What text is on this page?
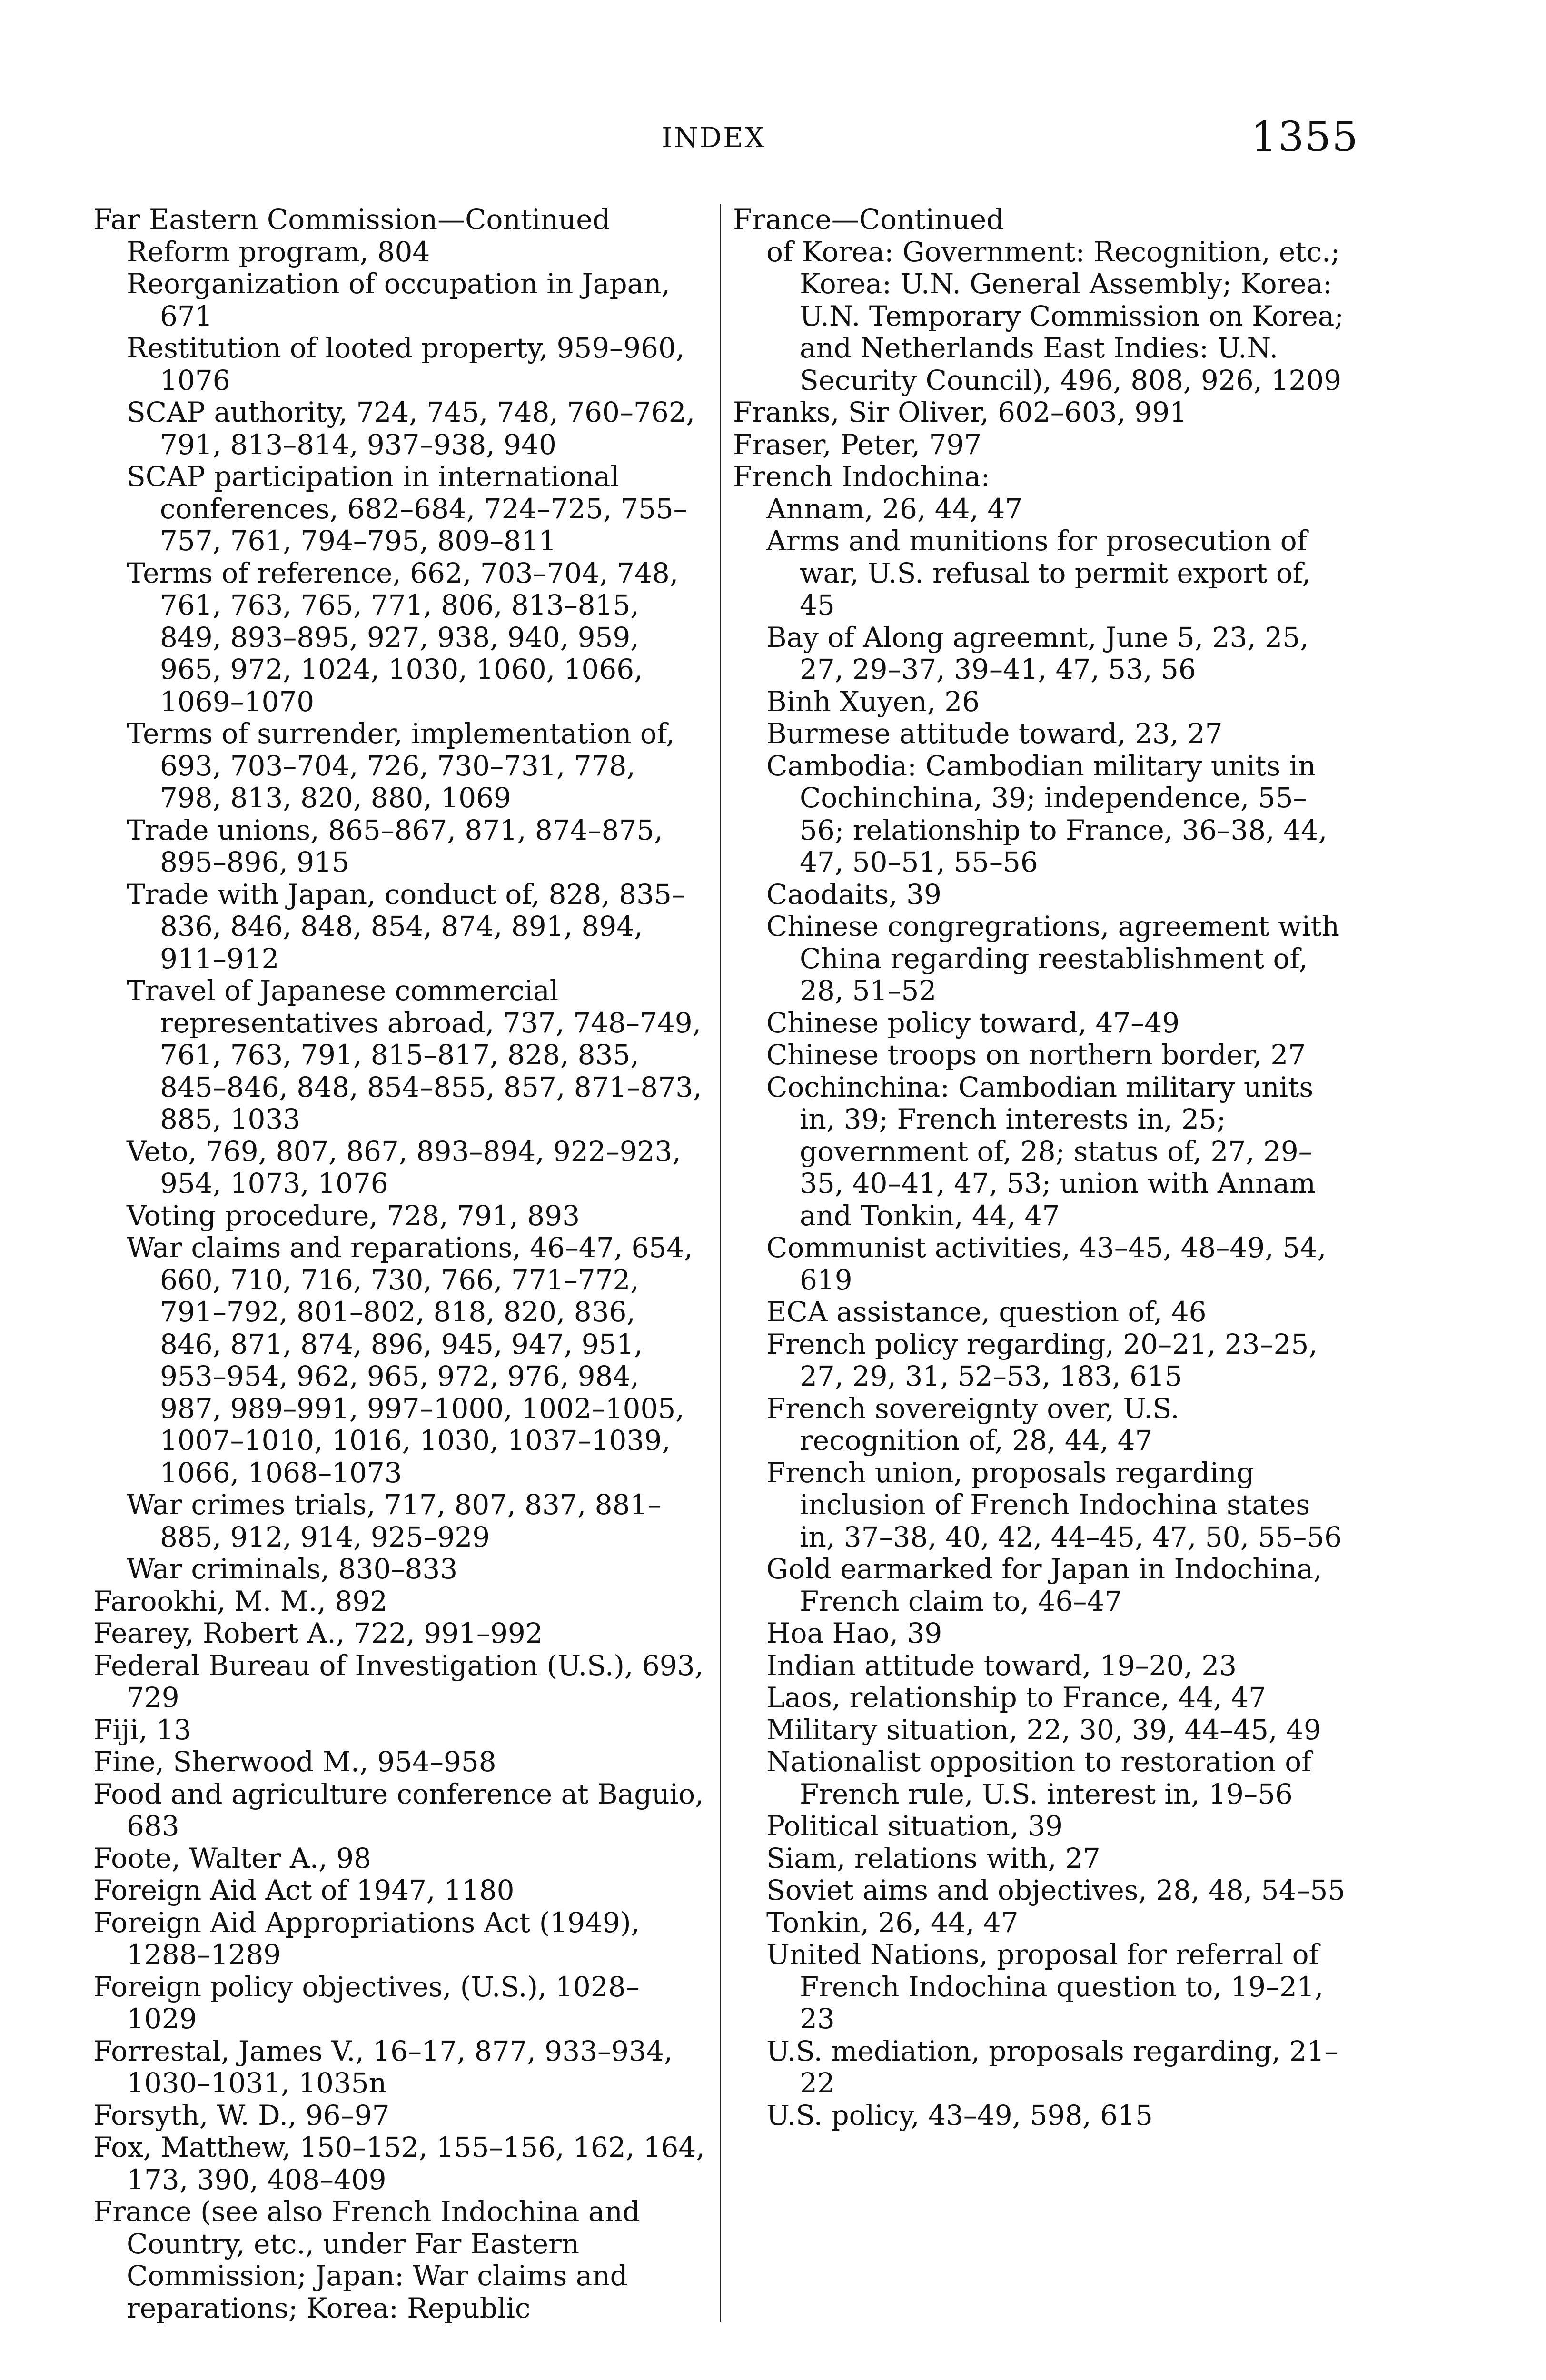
INDEX	1355

Far Eastern Commission—Continued

Reform program, 804

Reorganization of occupation in Japan, 671

Restitution of looted property, 959–960, 1076

SCAP authority, 724, 745, 748, 760–762, 791, 813–814, 937–938, 940

SCAP participation in international conferences, 682–684, 724–725, 755–757, 761, 794–795, 809–811

Terms of reference, 662, 703–704, 748, 761, 763, 765, 771, 806, 813–815, 849, 893–895, 927, 938, 940, 959, 965, 972, 1024, 1030, 1060, 1066, 1069–1070

Terms of surrender, implementation of, 693, 703–704, 726, 730–731, 778, 798, 813, 820, 880, 1069

Trade unions, 865–867, 871, 874–875, 895–896, 915

Trade with Japan, conduct of, 828, 835–836, 846, 848, 854, 874, 891, 894, 911–912

Travel of Japanese commercial representatives abroad, 737, 748–749, 761, 763, 791, 815–817, 828, 835, 845–846, 848, 854–855, 857, 871–873, 885, 1033

Veto, 769, 807, 867, 893–894, 922–923, 954, 1073, 1076

Voting procedure, 728, 791, 893

War claims and reparations, 46–47, 654, 660, 710, 716, 730, 766, 771–772, 791–792, 801–802, 818, 820, 836, 846, 871, 874, 896, 945, 947, 951, 953–954, 962, 965, 972, 976, 984, 987, 989–991, 997–1000, 1002–1005, 1007–1010, 1016, 1030, 1037–1039, 1066, 1068–1073

War crimes trials, 717, 807, 837, 881–885, 912, 914, 925–929

War criminals, 830–833

Farookhi, M. M., 892

Fearey, Robert A., 722, 991–992

Federal Bureau of Investigation (U.S.), 693, 729

Fiji, 13

Fine, Sherwood M., 954–958

Food and agriculture conference at Baguio, 683

Foote, Walter A., 98

Foreign Aid Act of 1947, 1180

Foreign Aid Appropriations Act (1949), 1288–1289

Foreign policy objectives, (U.S.), 1028–1029

Forrestal, James V., 16–17, 877, 933–934, 1030–1031, 1035n

Forsyth, W. D., 96–97

Fox, Matthew, 150–152, 155–156, 162, 164, 173, 390, 408–409

France (see also French Indochina and Country, etc., under Far Eastern Commission; Japan: War claims and reparations; Korea: Republic

France—Continued

of Korea: Government: Recognition, etc.; Korea: U.N. General Assembly; Korea: U.N. Temporary Commission on Korea; and Netherlands East Indies: U.N. Security Council), 496, 808, 926, 1209

Franks, Sir Oliver, 602–603, 991

Fraser, Peter, 797

French Indochina:

Annam, 26, 44, 47

Arms and munitions for prosecution of war, U.S. refusal to permit export of, 45

Bay of Along agreemnt, June 5, 23, 25, 27, 29–37, 39–41, 47, 53, 56

Binh Xuyen, 26

Burmese attitude toward, 23, 27

Cambodia: Cambodian military units in Cochinchina, 39; independence, 55–56; relationship to France, 36–38, 44, 47, 50–51, 55–56

Caodaits, 39

Chinese congregrations, agreement with China regarding reestablishment of, 28, 51–52

Chinese policy toward, 47–49

Chinese troops on northern border, 27

Cochinchina: Cambodian military units in, 39; French interests in, 25; government of, 28; status of, 27, 29–35, 40–41, 47, 53; union with Annam and Tonkin, 44, 47

Communist activities, 43–45, 48–49, 54, 619

ECA assistance, question of, 46

French policy regarding, 20–21, 23–25, 27, 29, 31, 52–53, 183, 615

French sovereignty over, U.S. recognition of, 28, 44, 47

French union, proposals regarding inclusion of French Indochina states in, 37–38, 40, 42, 44–45, 47, 50, 55–56

Gold earmarked for Japan in Indochina, French claim to, 46–47

Hoa Hao, 39

Indian attitude toward, 19–20, 23

Laos, relationship to France, 44, 47

Military situation, 22, 30, 39, 44–45, 49

Nationalist opposition to restoration of French rule, U.S. interest in, 19–56

Political situation, 39

Siam, relations with, 27

Soviet aims and objectives, 28, 48, 54–55

Tonkin, 26, 44, 47

United Nations, proposal for referral of French Indochina question to, 19–21, 23

U.S. mediation, proposals regarding, 21–22

U.S. policy, 43–49, 598, 615
